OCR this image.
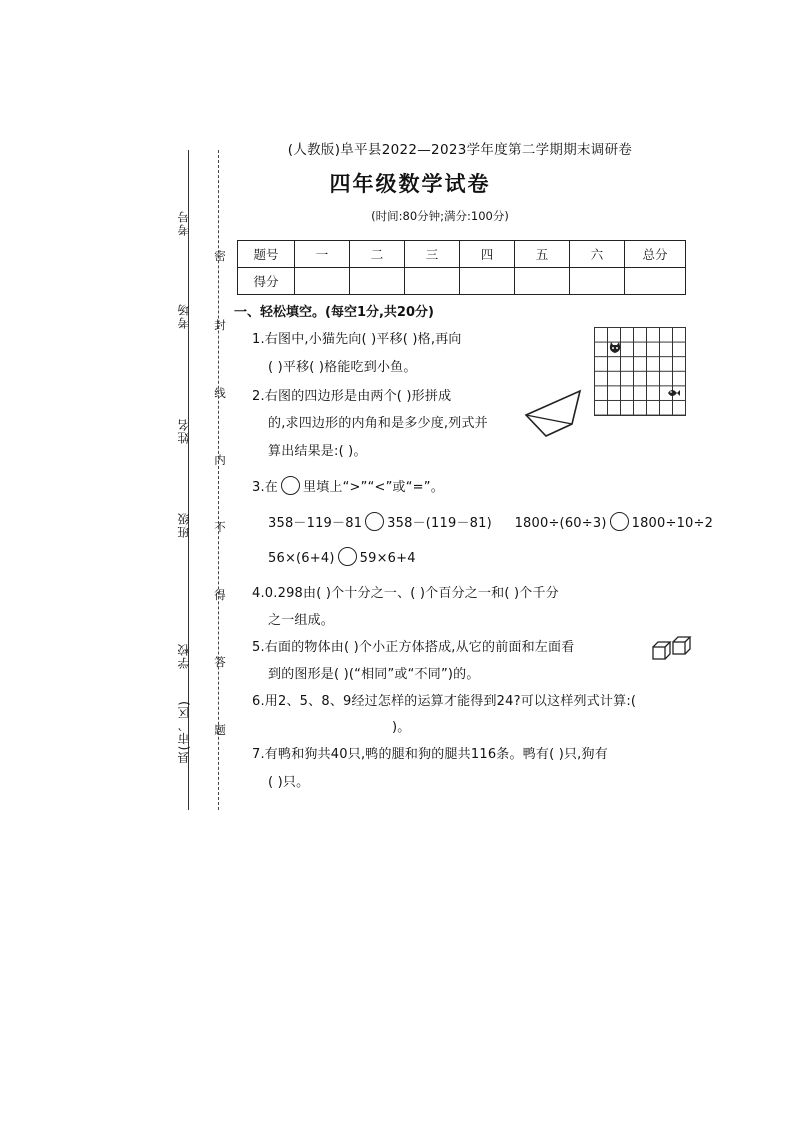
考号
考场
姓名
班级
学校
县(市、区)
密
封
线
内
不
得
答
题
(人教版)阜平县2022—2023学年度第二学期期末调研卷
四年级数学试卷
(时间:80分钟;满分:100分)
题号	一	二	三	四	五	六	总分
得分							
一、轻松填空。(每空1分,共20分)
1.右图中,小猫先向( )平移( )格,再向
( )平移( )格能吃到小鱼。
2.右图的四边形是由两个( )形拼成
的,求四边形的内角和是多少度,列式并
算出结果是:( )。
3.在 里填上“>”“<”或“=”。
358－119－81 358－(119－81) 1800÷(60÷3) 1800÷10÷2
56×(6+4) 59×6+4
4.0.298由( )个十分之一、( )个百分之一和( )个千分
之一组成。
5.右面的物体由( )个小正方体搭成,从它的前面和左面看
到的图形是( )(“相同”或“不同”)的。
6.用2、5、8、9经过怎样的运算才能得到24?可以这样列式计算:(
)。
7.有鸭和狗共40只,鸭的腿和狗的腿共116条。鸭有( )只,狗有
( )只。
